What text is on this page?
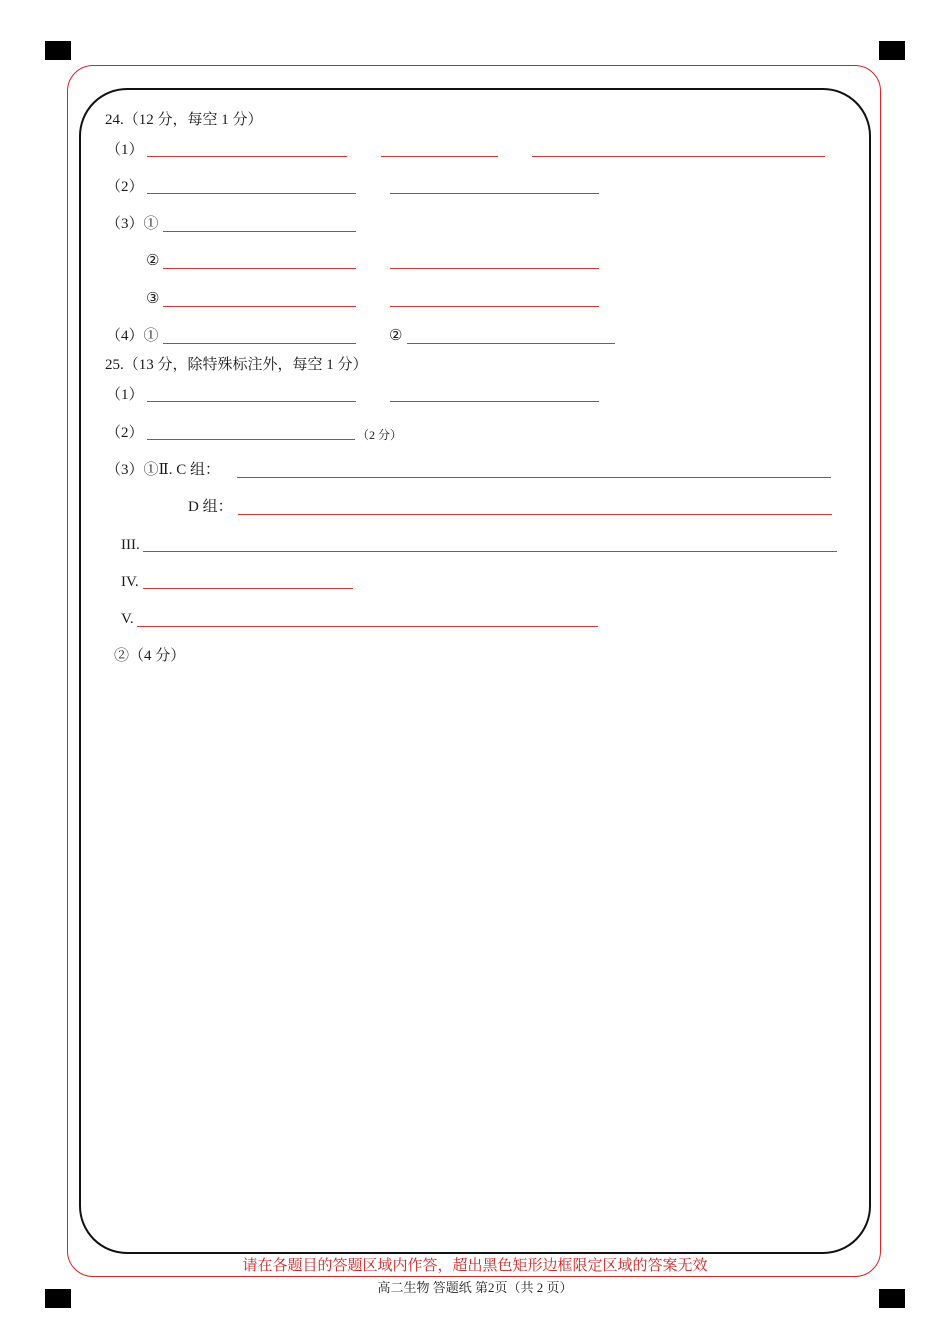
24.（12 分，每空 1 分）
（1）
（2）
（3）①
②
③
（4）①	②
25.（13 分，除特殊标注外，每空 1 分）
（1）
（2）	（2 分）
（3）①Ⅱ. C 组：
D 组：
III.
IV.
V.
②（4 分）
请在各题目的答题区域内作答，超出黑色矩形边框限定区域的答案无效
高二生物 答题纸 第2页（共 2 页）
